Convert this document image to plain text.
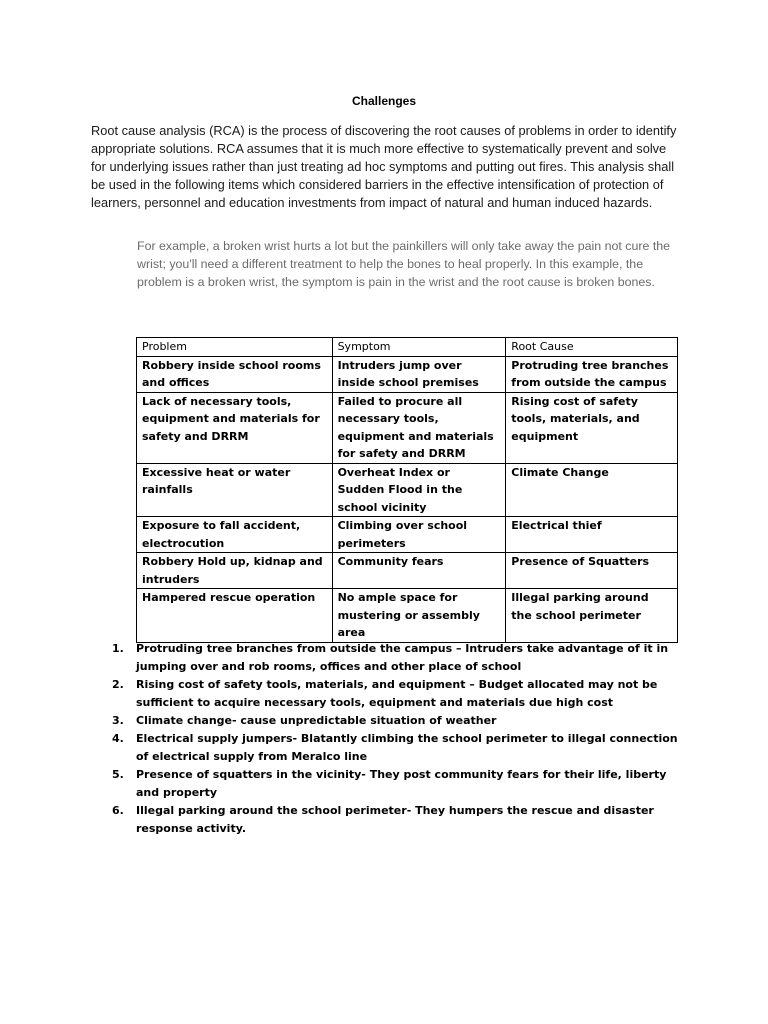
Challenges

Root cause analysis (RCA) is the process of discovering the root causes of problems in order to identify appropriate solutions. RCA assumes that it is much more effective to systematically prevent and solve for underlying issues rather than just treating ad hoc symptoms and putting out fires. This analysis shall be used in the following items which considered barriers in the effective intensification of protection of learners, personnel and education investments from impact of natural and human induced hazards.

For example, a broken wrist hurts a lot but the painkillers will only take away the pain not cure the wrist; you'll need a different treatment to help the bones to heal properly. In this example, the problem is a broken wrist, the symptom is pain in the wrist and the root cause is broken bones.

Problem	Symptom	Root Cause
Robbery inside school rooms and offices	Intruders jump over inside school premises	Protruding tree branches from outside the campus
Lack of necessary tools, equipment and materials for safety and DRRM	Failed to procure all necessary tools, equipment and materials for safety and DRRM	Rising cost of safety tools, materials, and equipment
Excessive heat or water rainfalls	Overheat Index or Sudden Flood in the school vicinity	Climate Change
Exposure to fall accident, electrocution	Climbing over school perimeters	Electrical thief
Robbery Hold up, kidnap and intruders	Community fears	Presence of Squatters
Hampered rescue operation	No ample space for mustering or assembly area	Illegal parking around the school perimeter
1. Protruding tree branches from outside the campus – Intruders take advantage of it in jumping over and rob rooms, offices and other place of school
2. Rising cost of safety tools, materials, and equipment – Budget allocated may not be sufficient to acquire necessary tools, equipment and materials due high cost
3. Climate change- cause unpredictable situation of weather
4. Electrical supply jumpers- Blatantly climbing the school perimeter to illegal connection of electrical supply from Meralco line
5. Presence of squatters in the vicinity- They post community fears for their life, liberty and property
6. Illegal parking around the school perimeter- They humpers the rescue and disaster response activity.
